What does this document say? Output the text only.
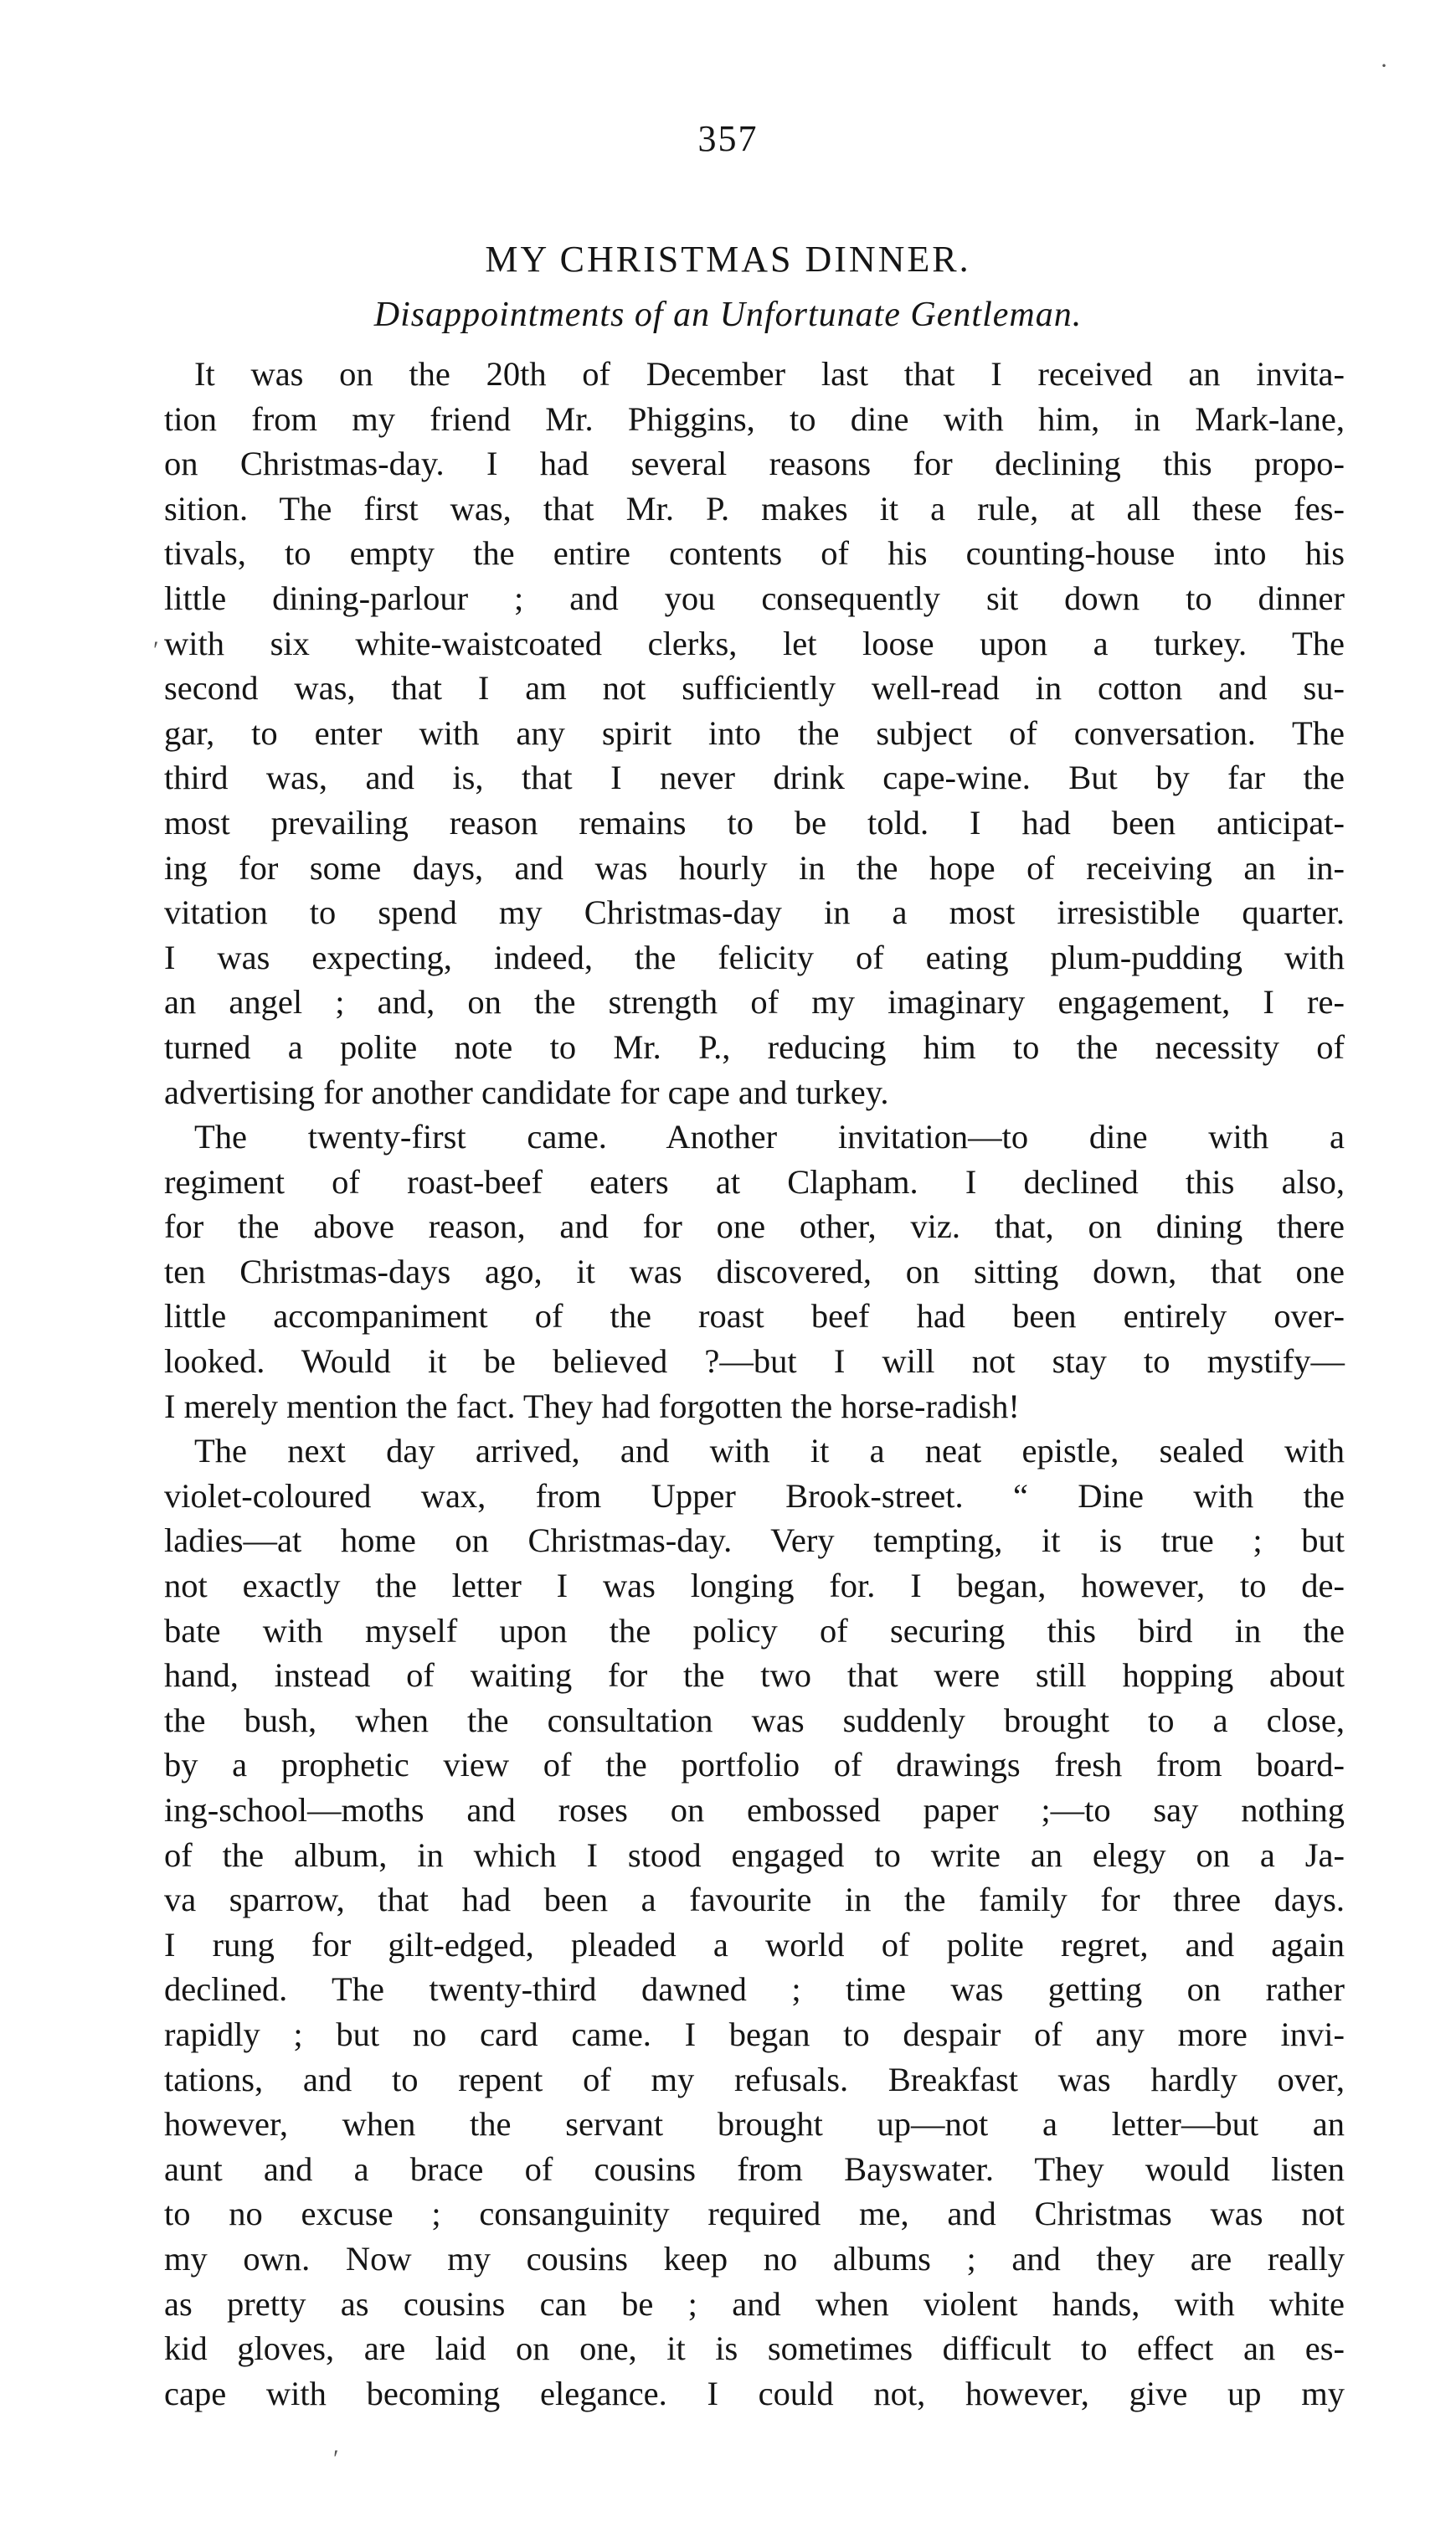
357
MY CHRISTMAS DINNER.
Disappointments of an Unfortunate Gentleman.
It was on the 20th of December last that I received an invita-
tion from my friend Mr. Phiggins, to dine with him, in Mark-lane,
on Christmas-day. I had several reasons for declining this propo-
sition. The first was, that Mr. P. makes it a rule, at all these fes-
tivals, to empty the entire contents of his counting-house into his
little dining-parlour ; and you consequently sit down to dinner
with six white-waistcoated clerks, let loose upon a turkey. The
second was, that I am not sufficiently well-read in cotton and su-
gar, to enter with any spirit into the subject of conversation. The
third was, and is, that I never drink cape-wine. But by far the
most prevailing reason remains to be told. I had been anticipat-
ing for some days, and was hourly in the hope of receiving an in-
vitation to spend my Christmas-day in a most irresistible quarter.
I was expecting, indeed, the felicity of eating plum-pudding with
an angel ; and, on the strength of my imaginary engagement, I re-
turned a polite note to Mr. P., reducing him to the necessity of
advertising for another candidate for cape and turkey.
The twenty-first came. Another invitation—to dine with a
regiment of roast-beef eaters at Clapham. I declined this also,
for the above reason, and for one other, viz. that, on dining there
ten Christmas-days ago, it was discovered, on sitting down, that one
little accompaniment of the roast beef had been entirely over-
looked. Would it be believed ?—but I will not stay to mystify—
I merely mention the fact. They had forgotten the horse-radish!
The next day arrived, and with it a neat epistle, sealed with
violet-coloured wax, from Upper Brook-street. “ Dine with the
ladies—at home on Christmas-day. Very tempting, it is true ; but
not exactly the letter I was longing for. I began, however, to de-
bate with myself upon the policy of securing this bird in the
hand, instead of waiting for the two that were still hopping about
the bush, when the consultation was suddenly brought to a close,
by a prophetic view of the portfolio of drawings fresh from board-
ing-school—moths and roses on embossed paper ;—to say nothing
of the album, in which I stood engaged to write an elegy on a Ja-
va sparrow, that had been a favourite in the family for three days.
I rung for gilt-edged, pleaded a world of polite regret, and again
declined. The twenty-third dawned ; time was getting on rather
rapidly ; but no card came. I began to despair of any more invi-
tations, and to repent of my refusals. Breakfast was hardly over,
however, when the servant brought up—not a letter—but an
aunt and a brace of cousins from Bayswater. They would listen
to no excuse ; consanguinity required me, and Christmas was not
my own. Now my cousins keep no albums ; and they are really
as pretty as cousins can be ; and when violent hands, with white
kid gloves, are laid on one, it is sometimes difficult to effect an es-
cape with becoming elegance. I could not, however, give up my
·
ʹ
ʹ
